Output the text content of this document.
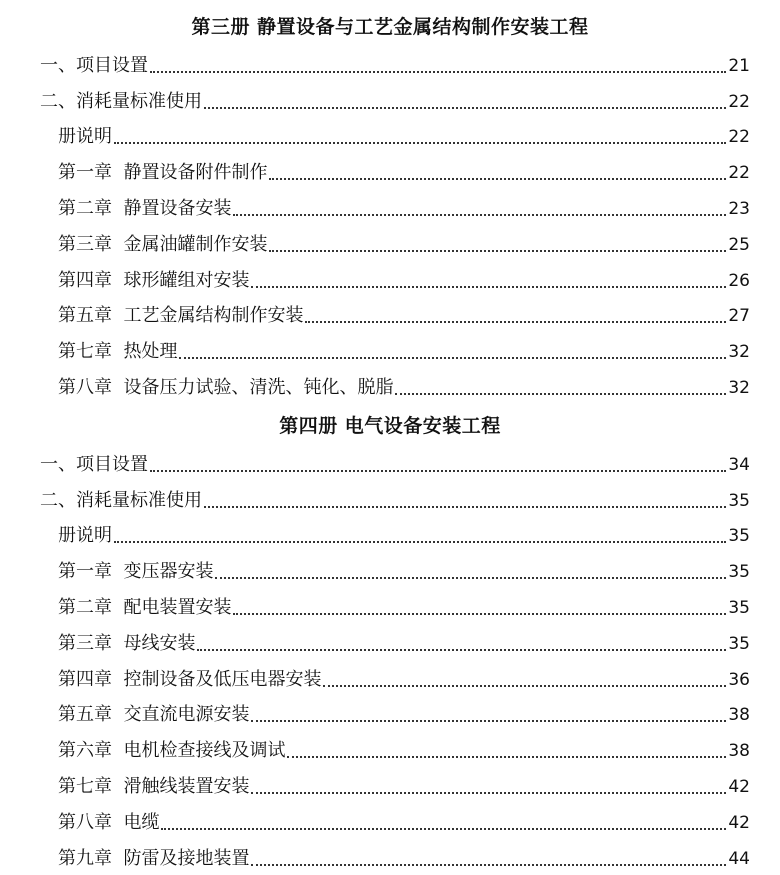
第三册 静置设备与工艺金属结构制作安装工程
一、项目设置	21
二、消耗量标准使用	22
册说明	22
第一章  静置设备附件制作	22
第二章  静置设备安装	23
第三章  金属油罐制作安装	25
第四章  球形罐组对安装	26
第五章  工艺金属结构制作安装	27
第七章  热处理	32
第八章  设备压力试验、清洗、钝化、脱脂	32
第四册 电气设备安装工程
一、项目设置	34
二、消耗量标准使用	35
册说明	35
第一章  变压器安装	35
第二章  配电装置安装	35
第三章  母线安装	35
第四章  控制设备及低压电器安装	36
第五章  交直流电源安装	38
第六章  电机检查接线及调试	38
第七章  滑触线装置安装	42
第八章  电缆	42
第九章  防雷及接地装置	44
